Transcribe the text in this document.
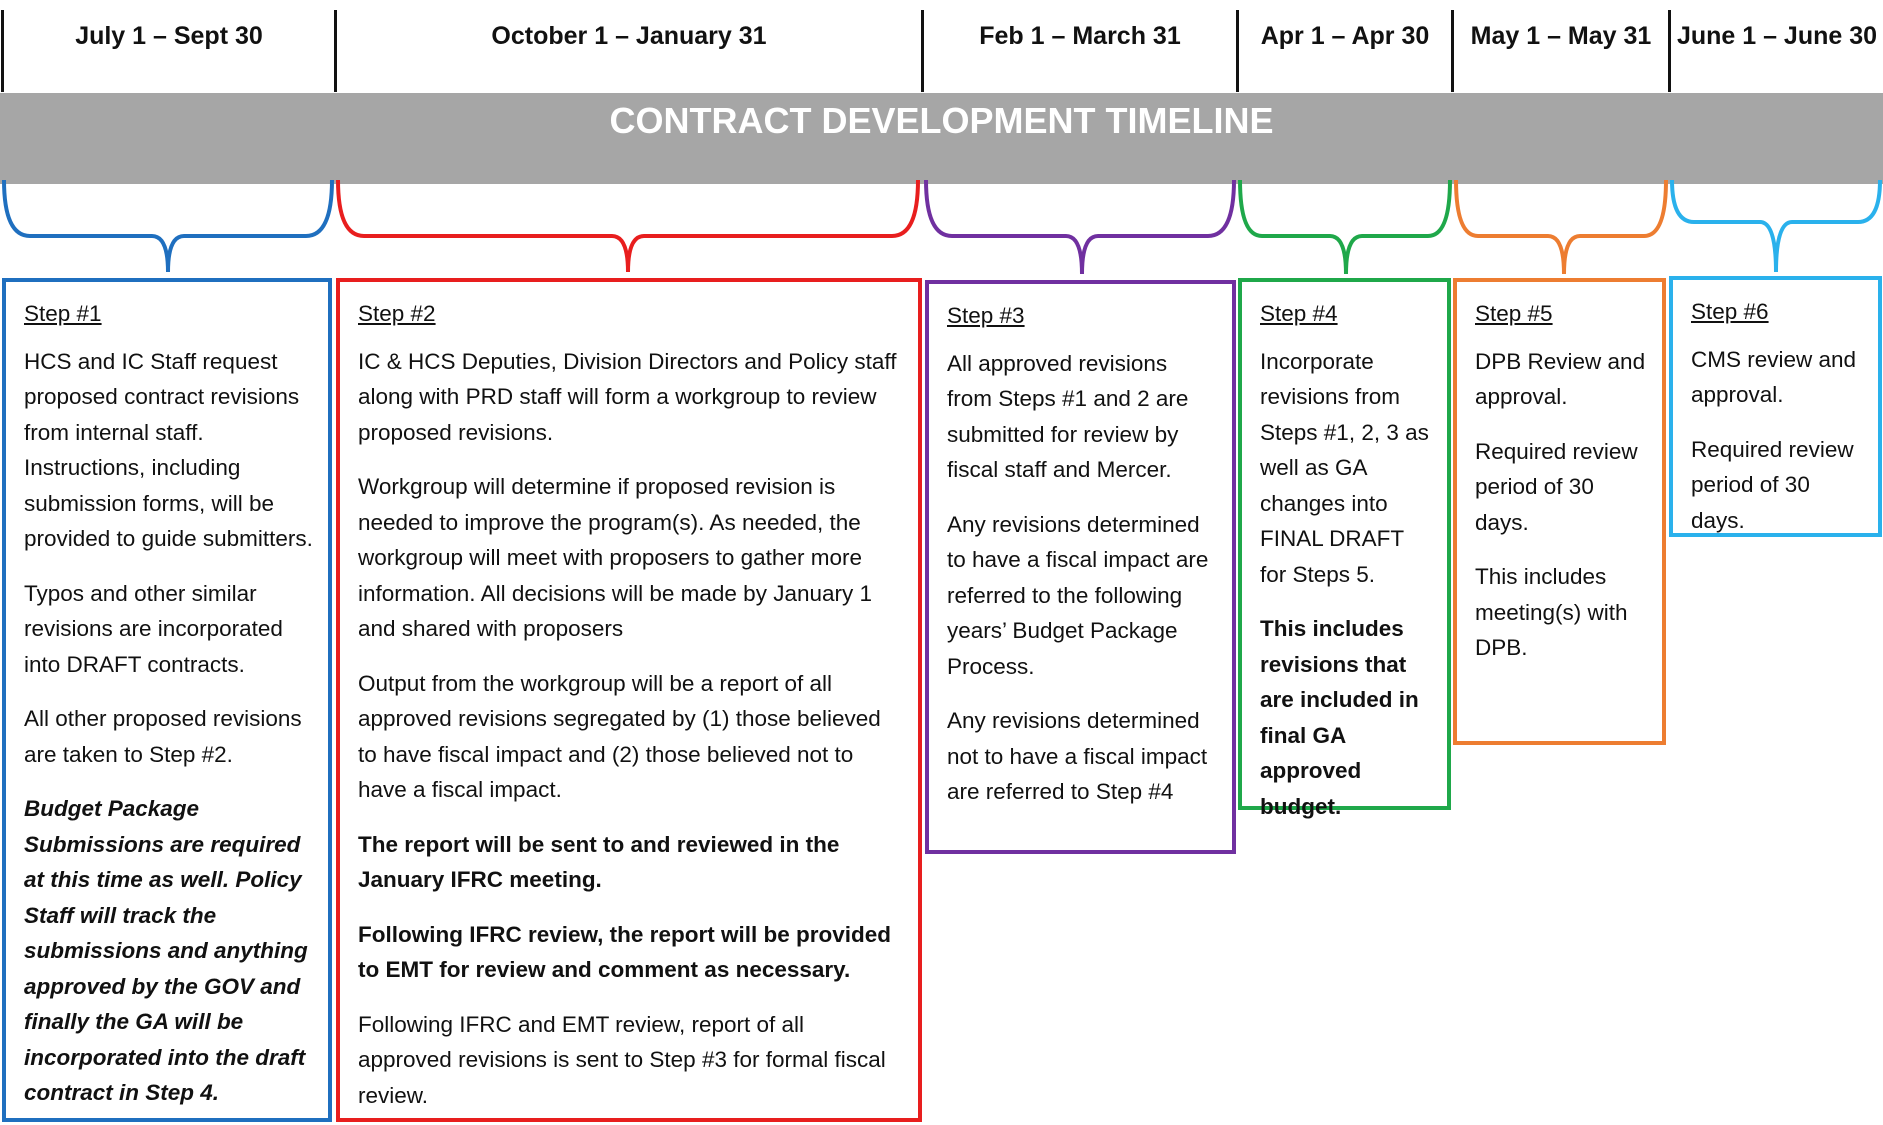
July 1 – Sept 30	October 1 – January 31	Feb 1 – March 31	Apr 1 – Apr 30	May 1 – May 31	June 1 – June 30
CONTRACT DEVELOPMENT TIMELINE

Step #1

HCS and IC Staff request proposed contract revisions from internal staff. Instructions, including submission forms, will be provided to guide submitters.

Typos and other similar revisions are incorporated into DRAFT contracts.

All other proposed revisions are taken to Step #2.

Budget Package Submissions are required at this time as well. Policy Staff will track the submissions and anything approved by the GOV and finally the GA will be incorporated into the draft contract in Step 4.

Step #2

IC & HCS Deputies, Division Directors and Policy staff along with PRD staff will form a workgroup to review proposed revisions.

Workgroup will determine if proposed revision is needed to improve the program(s). As needed, the workgroup will meet with proposers to gather more information. All decisions will be made by January 1 and shared with proposers

Output from the workgroup will be a report of all approved revisions segregated by (1) those believed to have fiscal impact and (2) those believed not to have a fiscal impact.

The report will be sent to and reviewed in the January IFRC meeting.

Following IFRC review, the report will be provided to EMT for review and comment as necessary.

Following IFRC and EMT review, report of all approved revisions is sent to Step #3 for formal fiscal review.

Step #3

All approved revisions from Steps #1 and 2 are submitted for review by fiscal staff and Mercer.

Any revisions determined to have a fiscal impact are referred to the following years’ Budget Package Process.

Any revisions determined not to have a fiscal impact are referred to Step #4

Step #4

Incorporate revisions from Steps #1, 2, 3 as well as GA changes into FINAL DRAFT for Steps 5.

This includes revisions that are included in final GA approved budget.

Step #5

DPB Review and approval.

Required review period of 30 days.

This includes meeting(s) with DPB.

Step #6

CMS review and approval.

Required review period of 30 days.
